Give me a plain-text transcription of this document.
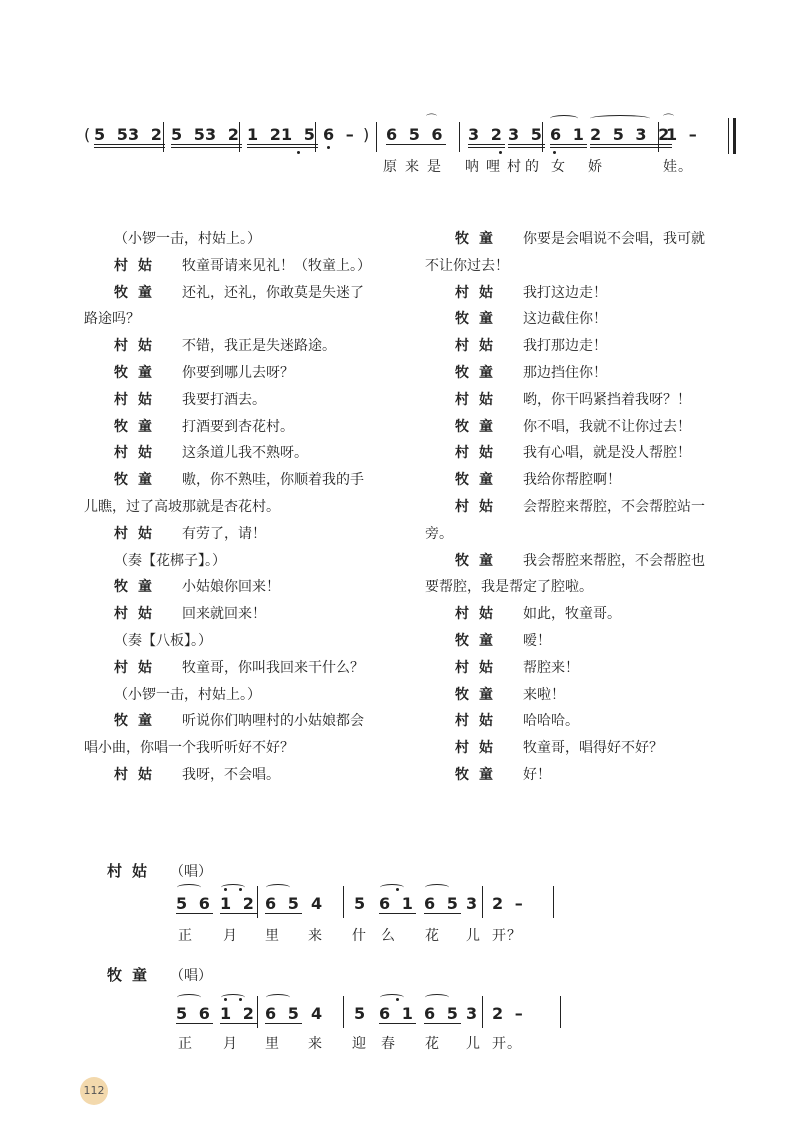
( 5 5
3 2 5 5
3 2 1 2
1 5 6 – ) 6 5 6
⌒
3 2 3 5 6 1 2 5 3 2
1 –
⌒
原 来 是 呐 哩 村 的 女 娇	娃。

（小锣一击，村姑上。）

村姑 牧童哥请来见礼！（牧童上。）

牧童 还礼，还礼，你敢莫是失迷了

路途吗？

村姑 不错，我正是失迷路途。

牧童 你要到哪儿去呀？

村姑 我要打酒去。

牧童 打酒要到杏花村。

村姑 这条道儿我不熟呀。

牧童 嗷，你不熟哇，你顺着我的手

儿瞧，过了高坡那就是杏花村。

村姑 有劳了，请！

（奏【花梆子】。）

牧童 小姑娘你回来！

村姑 回来就回来！

（奏【八板】。）

村姑 牧童哥，你叫我回来干什么？

（小锣一击，村姑上。）

牧童 听说你们呐哩村的小姑娘都会

唱小曲，你唱一个我听听好不好？

村姑 我呀，不会唱。

牧童 你要是会唱说不会唱，我可就

不让你过去！

村姑 我打这边走！

牧童 这边截住你！

村姑 我打那边走！

牧童 那边挡住你！

村姑 哟，你干吗紧挡着我呀？！

牧童 你不唱，我就不让你过去！

村姑 我有心唱，就是没人帮腔！

牧童 我给你帮腔啊！

村姑 会帮腔来帮腔，不会帮腔站一

旁。

牧童 我会帮腔来帮腔，不会帮腔也

要帮腔，我是帮定了腔啦。

村姑 如此，牧童哥。

牧童 嗳！

村姑 帮腔来！

牧童 来啦！

村姑 哈哈哈。

村姑 牧童哥，唱得好不好？

牧童 好！

村姑 （唱）
5 6 1 2 6 5 4 5 6 1 6 5 3 2 –
正 月 里 来 什 么 花 儿 开？
牧童 （唱）
5 6 1 2 6 5 4 5 6 1 6 5 3 2 –
正 月 里 来 迎 春 花 儿 开。
112
